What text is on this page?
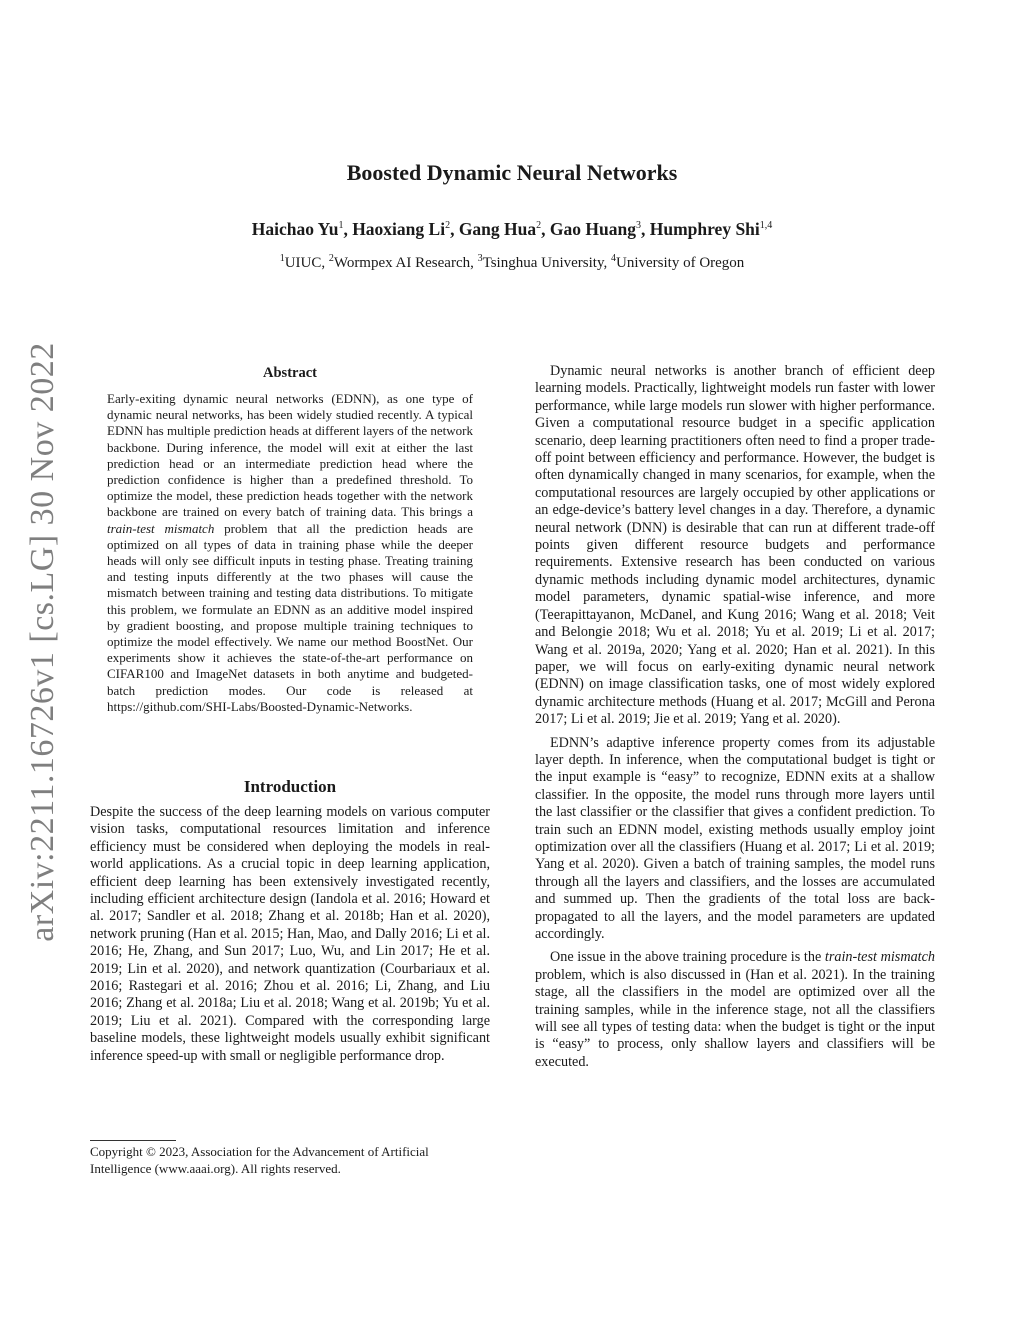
arXiv:2211.16726v1 [cs.LG] 30 Nov 2022
Boosted Dynamic Neural Networks
Haichao Yu$^1$, Haoxiang Li$^2$, Gang Hua$^2$, Gao Huang$^3$, Humphrey Shi$^{1,4}$
$^1$UIUC, $^2$Wormpex AI Research, $^3$Tsinghua University, $^4$University of Oregon
Abstract

Early-exiting dynamic neural networks (EDNN), as one type of dynamic neural networks, has been widely studied recently. A typical EDNN has multiple prediction heads at different layers of the network backbone. During inference, the model will exit at either the last prediction head or an intermediate prediction head where the prediction confidence is higher than a predefined threshold. To optimize the model, these prediction heads together with the network backbone are trained on every batch of training data. This brings a train-test mismatch problem that all the prediction heads are optimized on all types of data in training phase while the deeper heads will only see difficult inputs in testing phase. Treating training and testing inputs differently at the two phases will cause the mismatch between training and testing data distributions. To mitigate this problem, we formulate an EDNN as an additive model inspired by gradient boosting, and propose multiple training techniques to optimize the model effectively. We name our method BoostNet. Our experiments show it achieves the state-of-the-art performance on CIFAR100 and ImageNet datasets in both anytime and budgeted-batch prediction modes. Our code is released at https://github.com/SHI-Labs/Boosted-Dynamic-Networks.

Introduction

Despite the success of the deep learning models on various computer vision tasks, computational resources limitation and inference efficiency must be considered when deploying the models in real-world applications. As a crucial topic in deep learning application, efficient deep learning has been extensively investigated recently, including efficient architecture design (Iandola et al. 2016; Howard et al. 2017; Sandler et al. 2018; Zhang et al. 2018b; Han et al. 2020), network pruning (Han et al. 2015; Han, Mao, and Dally 2016; Li et al. 2016; He, Zhang, and Sun 2017; Luo, Wu, and Lin 2017; He et al. 2019; Lin et al. 2020), and network quantization (Courbariaux et al. 2016; Rastegari et al. 2016; Zhou et al. 2016; Li, Zhang, and Liu 2016; Zhang et al. 2018a; Liu et al. 2018; Wang et al. 2019b; Yu et al. 2019; Liu et al. 2021). Compared with the corresponding large baseline models, these lightweight models usually exhibit significant inference speed-up with small or negligible performance drop.

Copyright © 2023, Association for the Advancement of Artificial Intelligence (www.aaai.org). All rights reserved.

Dynamic neural networks is another branch of efficient deep learning models. Practically, lightweight models run faster with lower performance, while large models run slower with higher performance. Given a computational resource budget in a specific application scenario, deep learning practitioners often need to find a proper trade-off point between efficiency and performance. However, the budget is often dynamically changed in many scenarios, for example, when the computational resources are largely occupied by other applications or an edge-device’s battery level changes in a day. Therefore, a dynamic neural network (DNN) is desirable that can run at different trade-off points given different resource budgets and performance requirements. Extensive research has been conducted on various dynamic methods including dynamic model architectures, dynamic model parameters, dynamic spatial-wise inference, and more (Teerapittayanon, McDanel, and Kung 2016; Wang et al. 2018; Veit and Belongie 2018; Wu et al. 2018; Yu et al. 2019; Li et al. 2017; Wang et al. 2019a, 2020; Yang et al. 2020; Han et al. 2021). In this paper, we will focus on early-exiting dynamic neural network (EDNN) on image classification tasks, one of most widely explored dynamic architecture methods (Huang et al. 2017; McGill and Perona 2017; Li et al. 2019; Jie et al. 2019; Yang et al. 2020).

EDNN’s adaptive inference property comes from its adjustable layer depth. In inference, when the computational budget is tight or the input example is “easy” to recognize, EDNN exits at a shallow classifier. In the opposite, the model runs through more layers until the last classifier or the classifier that gives a confident prediction. To train such an EDNN model, existing methods usually employ joint optimization over all the classifiers (Huang et al. 2017; Li et al. 2019; Yang et al. 2020). Given a batch of training samples, the model runs through all the layers and classifiers, and the losses are accumulated and summed up. Then the gradients of the total loss are back-propagated to all the layers, and the model parameters are updated accordingly.

One issue in the above training procedure is the train-test mismatch problem, which is also discussed in (Han et al. 2021). In the training stage, all the classifiers in the model are optimized over all the training samples, while in the inference stage, not all the classifiers will see all types of testing data: when the budget is tight or the input is “easy” to process, only shallow layers and classifiers will be executed.
